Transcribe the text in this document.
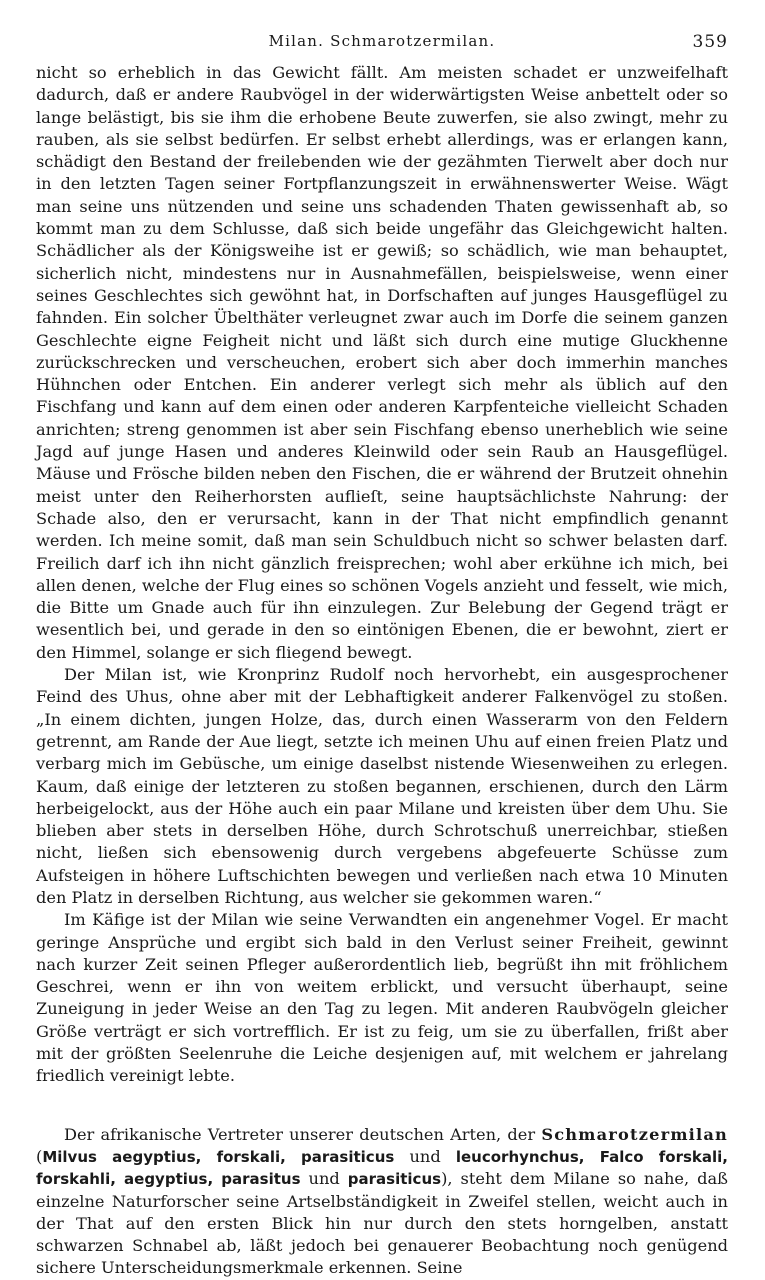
Milan. Schmarotzermilan.	359

nicht so erheblich in das Gewicht fällt. Am meisten schadet er unzweifelhaft dadurch, daß er andere Raubvögel in der widerwärtigsten Weise anbettelt oder so lange belästigt, bis sie ihm die erhobene Beute zuwerfen, sie also zwingt, mehr zu rauben, als sie selbst bedürfen. Er selbst erhebt allerdings, was er erlangen kann, schädigt den Bestand der freilebenden wie der gezähmten Tierwelt aber doch nur in den letzten Tagen seiner Fortpflanzungszeit in erwähnenswerter Weise. Wägt man seine uns nützenden und seine uns schadenden Thaten gewissenhaft ab, so kommt man zu dem Schlusse, daß sich beide ungefähr das Gleichgewicht halten. Schädlicher als der Königsweihe ist er gewiß; so schädlich, wie man behauptet, sicherlich nicht, mindestens nur in Ausnahmefällen, beispielsweise, wenn einer seines Geschlechtes sich gewöhnt hat, in Dorfschaften auf junges Hausgeflügel zu fahnden. Ein solcher Übelthäter verleugnet zwar auch im Dorfe die seinem ganzen Geschlechte eigne Feigheit nicht und läßt sich durch eine mutige Gluckhenne zurückschrecken und verscheuchen, erobert sich aber doch immerhin manches Hühnchen oder Entchen. Ein anderer verlegt sich mehr als üblich auf den Fischfang und kann auf dem einen oder anderen Karpfenteiche vielleicht Schaden anrichten; streng genommen ist aber sein Fischfang ebenso unerheblich wie seine Jagd auf junge Hasen und anderes Kleinwild oder sein Raub an Hausgeflügel. Mäuse und Frösche bilden neben den Fischen, die er während der Brutzeit ohnehin meist unter den Reiherhorsten auflieſt, seine hauptsächlichste Nahrung: der Schade also, den er verursacht, kann in der That nicht empfindlich genannt werden. Ich meine somit, daß man sein Schuldbuch nicht so schwer belasten darf. Freilich darf ich ihn nicht gänzlich freisprechen; wohl aber erkühne ich mich, bei allen denen, welche der Flug eines so schönen Vogels anzieht und fesselt, wie mich, die Bitte um Gnade auch für ihn einzulegen. Zur Belebung der Gegend trägt er wesentlich bei, und gerade in den so eintönigen Ebenen, die er bewohnt, ziert er den Himmel, solange er sich fliegend bewegt.

Der Milan ist, wie Kronprinz Rudolf noch hervorhebt, ein ausgesprochener Feind des Uhus, ohne aber mit der Lebhaftigkeit anderer Falkenvögel zu stoßen. „In einem dichten, jungen Holze, das, durch einen Wasserarm von den Feldern getrennt, am Rande der Aue liegt, setzte ich meinen Uhu auf einen freien Platz und verbarg mich im Gebüsche, um einige daselbst nistende Wiesenweihen zu erlegen. Kaum, daß einige der letzteren zu stoßen begannen, erschienen, durch den Lärm herbeigelockt, aus der Höhe auch ein paar Milane und kreisten über dem Uhu. Sie blieben aber stets in derselben Höhe, durch Schrotschuß unerreichbar, stießen nicht, ließen sich ebensowenig durch vergebens abgefeuerte Schüsse zum Aufsteigen in höhere Luftschichten bewegen und verließen nach etwa 10 Minuten den Platz in derselben Richtung, aus welcher sie gekommen waren.“

Im Käfige ist der Milan wie seine Verwandten ein angenehmer Vogel. Er macht geringe Ansprüche und ergibt sich bald in den Verlust seiner Freiheit, gewinnt nach kurzer Zeit seinen Pfleger außerordentlich lieb, begrüßt ihn mit fröhlichem Geschrei, wenn er ihn von weitem erblickt, und versucht überhaupt, seine Zuneigung in jeder Weise an den Tag zu legen. Mit anderen Raubvögeln gleicher Größe verträgt er sich vortrefflich. Er ist zu feig, um sie zu überfallen, frißt aber mit der größten Seelenruhe die Leiche desjenigen auf, mit welchem er jahrelang friedlich vereinigt lebte.

Der afrikanische Vertreter unserer deutschen Arten, der Schmarotzermilan (Milvus aegyptius, forskali, parasiticus und leucorhynchus, Falco forskali, forskahli, aegyptius, parasitus und parasiticus), steht dem Milane so nahe, daß einzelne Naturforscher seine Artselbständigkeit in Zweifel stellen, weicht auch in der That auf den ersten Blick hin nur durch den stets horngelben, anstatt schwarzen Schnabel ab, läßt jedoch bei genauerer Beobachtung noch genügend sichere Unterscheidungsmerkmale erkennen. Seine
